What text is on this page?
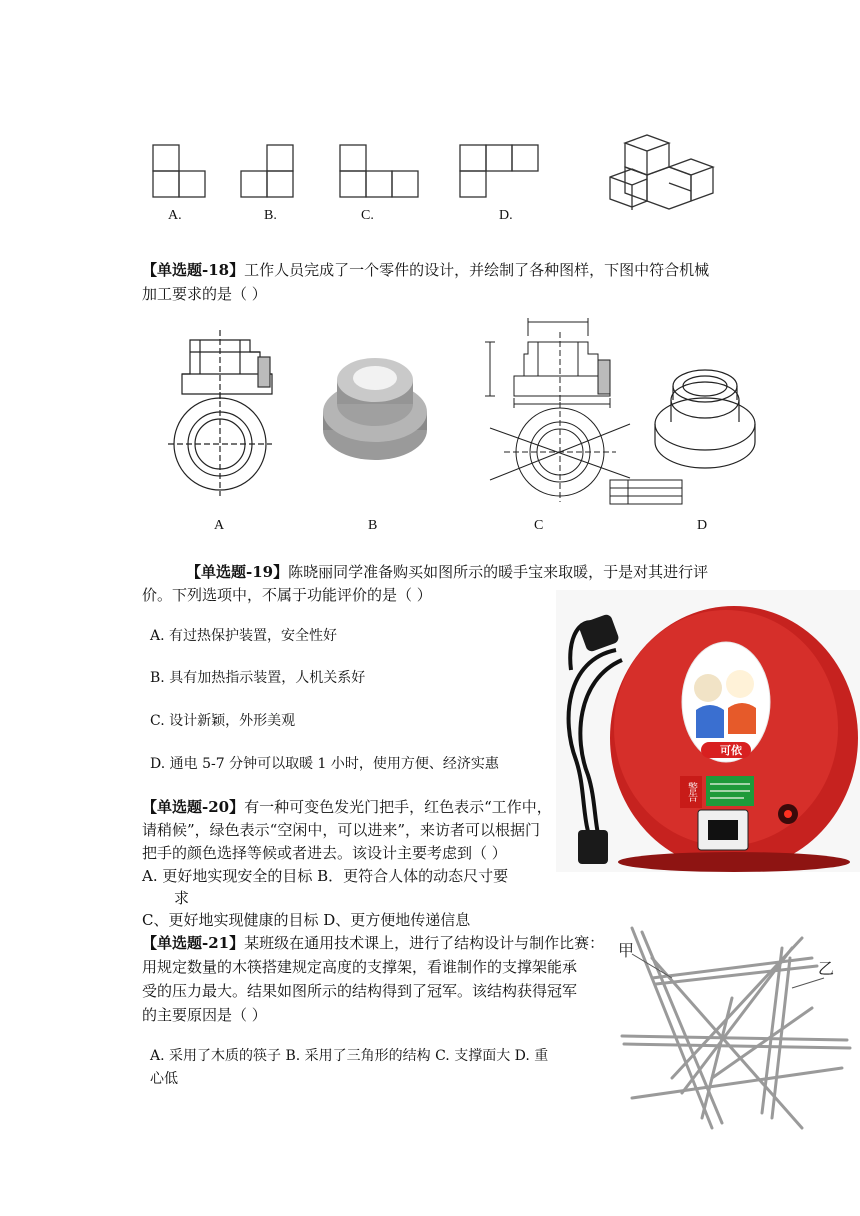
A.	B.	C.	D.
【单选题-18】工作人员完成了一个零件的设计，并绘制了各种图样，下图中符合机械
加工要求的是（ ）
A	B	C	D
【单选题-19】陈晓丽同学准备购买如图所示的暖手宝来取暖，于是对其进行评
价。下列选项中，不属于功能评价的是（ ）
A. 有过热保护装置，安全性好
B. 具有加热指示装置，人机关系好
C. 设计新颖，外形美观
D. 通电 5-7 分钟可以取暖 1 小时，使用方便、经济实惠
可依
警告
【单选题-20】有一种可变色发光门把手，红色表示“工作中，
请稍候”，绿色表示“空闲中，可以进来”，来访者可以根据门
把手的颜色选择等候或者进去。该设计主要考虑到（ ）
A. 更好地实现安全的目标 B．更符合人体的动态尺寸要
求
C、更好地实现健康的目标 D、更方便地传递信息
【单选题-21】某班级在通用技术课上，进行了结构设计与制作比赛：
用规定数量的木筷搭建规定高度的支撑架，看谁制作的支撑架能承
受的压力最大。结果如图所示的结构得到了冠军。该结构获得冠军
的主要原因是（ ）
A. 采用了木质的筷子 B. 采用了三角形的结构 C. 支撑面大 D. 重
心低
甲
乙
